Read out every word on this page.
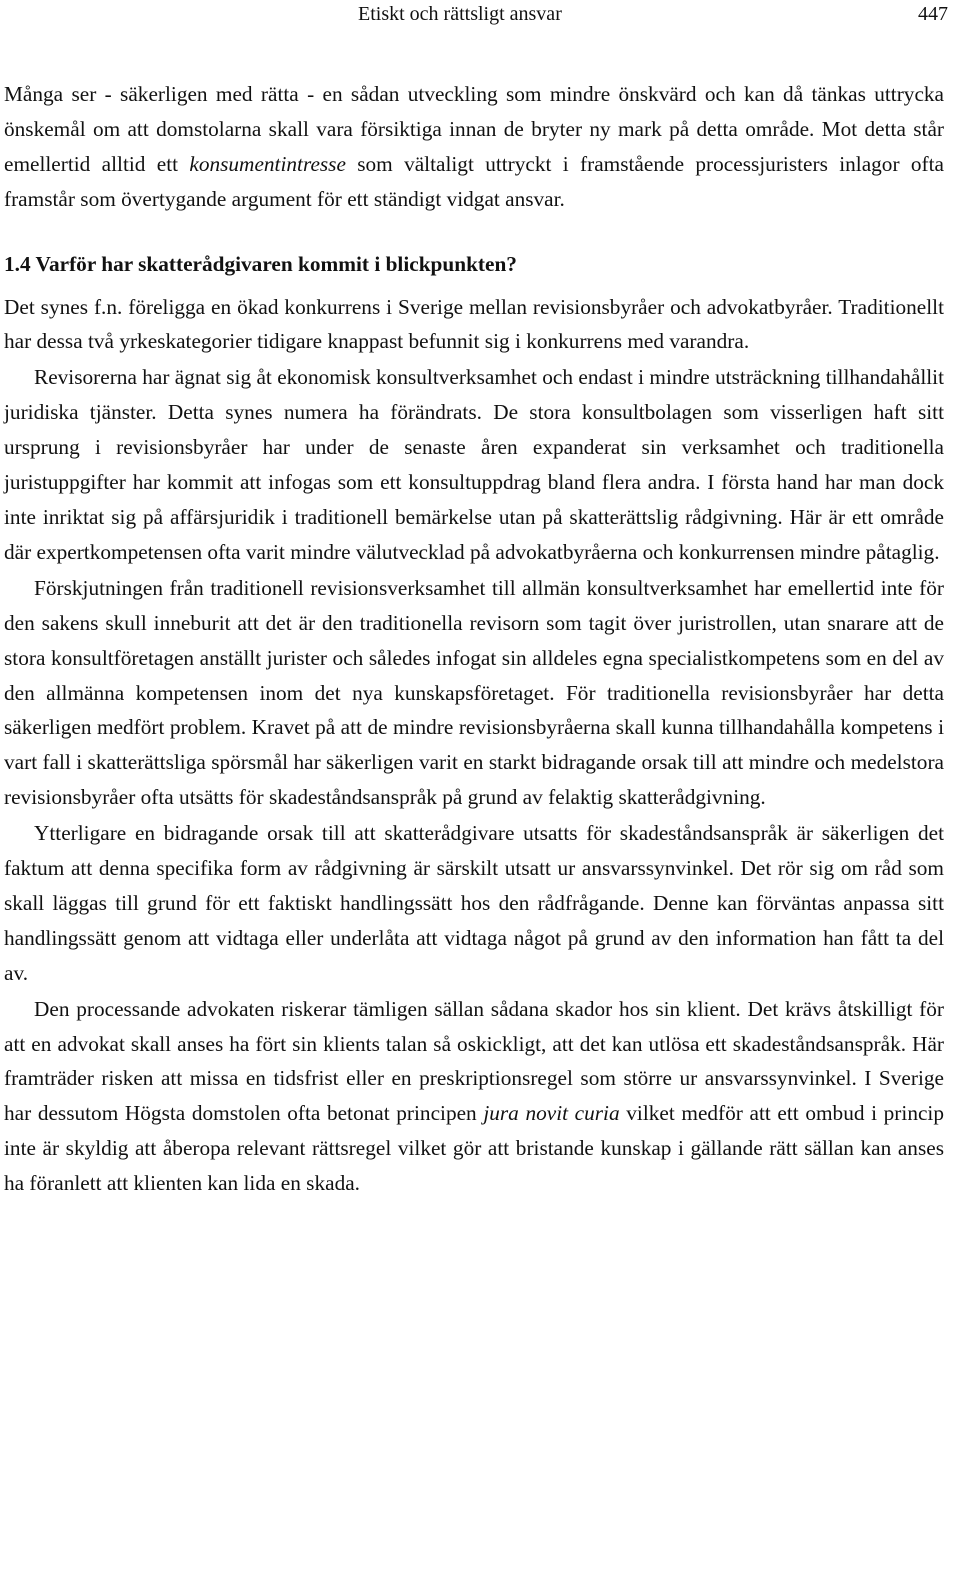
Etiskt och rättsligt ansvar	447

Många ser - säkerligen med rätta - en sådan utveckling som mindre önskvärd och kan då tänkas uttrycka önskemål om att domstolarna skall vara försiktiga innan de bryter ny mark på detta område. Mot detta står emellertid alltid ett konsumentintresse som vältaligt uttryckt i framstående processjuristers inlagor ofta framstår som övertygande argument för ett ständigt vidgat ansvar.

1.4 Varför har skatterådgivaren kommit i blickpunkten?

Det synes f.n. föreligga en ökad konkurrens i Sverige mellan revisionsbyråer och advokatbyråer. Traditionellt har dessa två yrkeskategorier tidigare knappast befunnit sig i konkurrens med varandra.

Revisorerna har ägnat sig åt ekonomisk konsultverksamhet och endast i mindre utsträckning tillhandahållit juridiska tjänster. Detta synes numera ha förändrats. De stora konsultbolagen som visserligen haft sitt ursprung i revisionsbyråer har under de senaste åren expanderat sin verksamhet och traditionella juristuppgifter har kommit att infogas som ett konsultuppdrag bland flera andra. I första hand har man dock inte inriktat sig på affärsjuridik i traditionell bemärkelse utan på skatterättslig rådgivning. Här är ett område där expertkompetensen ofta varit mindre välutvecklad på advokatbyråerna och konkurrensen mindre påtaglig.

Förskjutningen från traditionell revisionsverksamhet till allmän konsultverksamhet har emellertid inte för den sakens skull inneburit att det är den traditionella revisorn som tagit över juristrollen, utan snarare att de stora konsultföretagen anställt jurister och således infogat sin alldeles egna specialistkompetens som en del av den allmänna kompetensen inom det nya kunskapsföretaget. För traditionella revisionsbyråer har detta säkerligen medfört problem. Kravet på att de mindre revisionsbyråerna skall kunna tillhandahålla kompetens i vart fall i skatterättsliga spörsmål har säkerligen varit en starkt bidragande orsak till att mindre och medelstora revisionsbyråer ofta utsätts för skadeståndsanspråk på grund av felaktig skatterådgivning.

Ytterligare en bidragande orsak till att skatterådgivare utsatts för skadeståndsanspråk är säkerligen det faktum att denna specifika form av rådgivning är särskilt utsatt ur ansvarssynvinkel. Det rör sig om råd som skall läggas till grund för ett faktiskt handlingssätt hos den rådfrågande. Denne kan förväntas anpassa sitt handlingssätt genom att vidtaga eller underlåta att vidtaga något på grund av den information han fått ta del av.

Den processande advokaten riskerar tämligen sällan sådana skador hos sin klient. Det krävs åtskilligt för att en advokat skall anses ha fört sin klients talan så oskickligt, att det kan utlösa ett skadeståndsanspråk. Här framträder risken att missa en tidsfrist eller en preskriptionsregel som större ur ansvarssynvinkel. I Sverige har dessutom Högsta domstolen ofta betonat principen jura novit curia vilket medför att ett ombud i princip inte är skyldig att åberopa relevant rättsregel vilket gör att bristande kunskap i gällande rätt sällan kan anses ha föranlett att klienten kan lida en skada.
